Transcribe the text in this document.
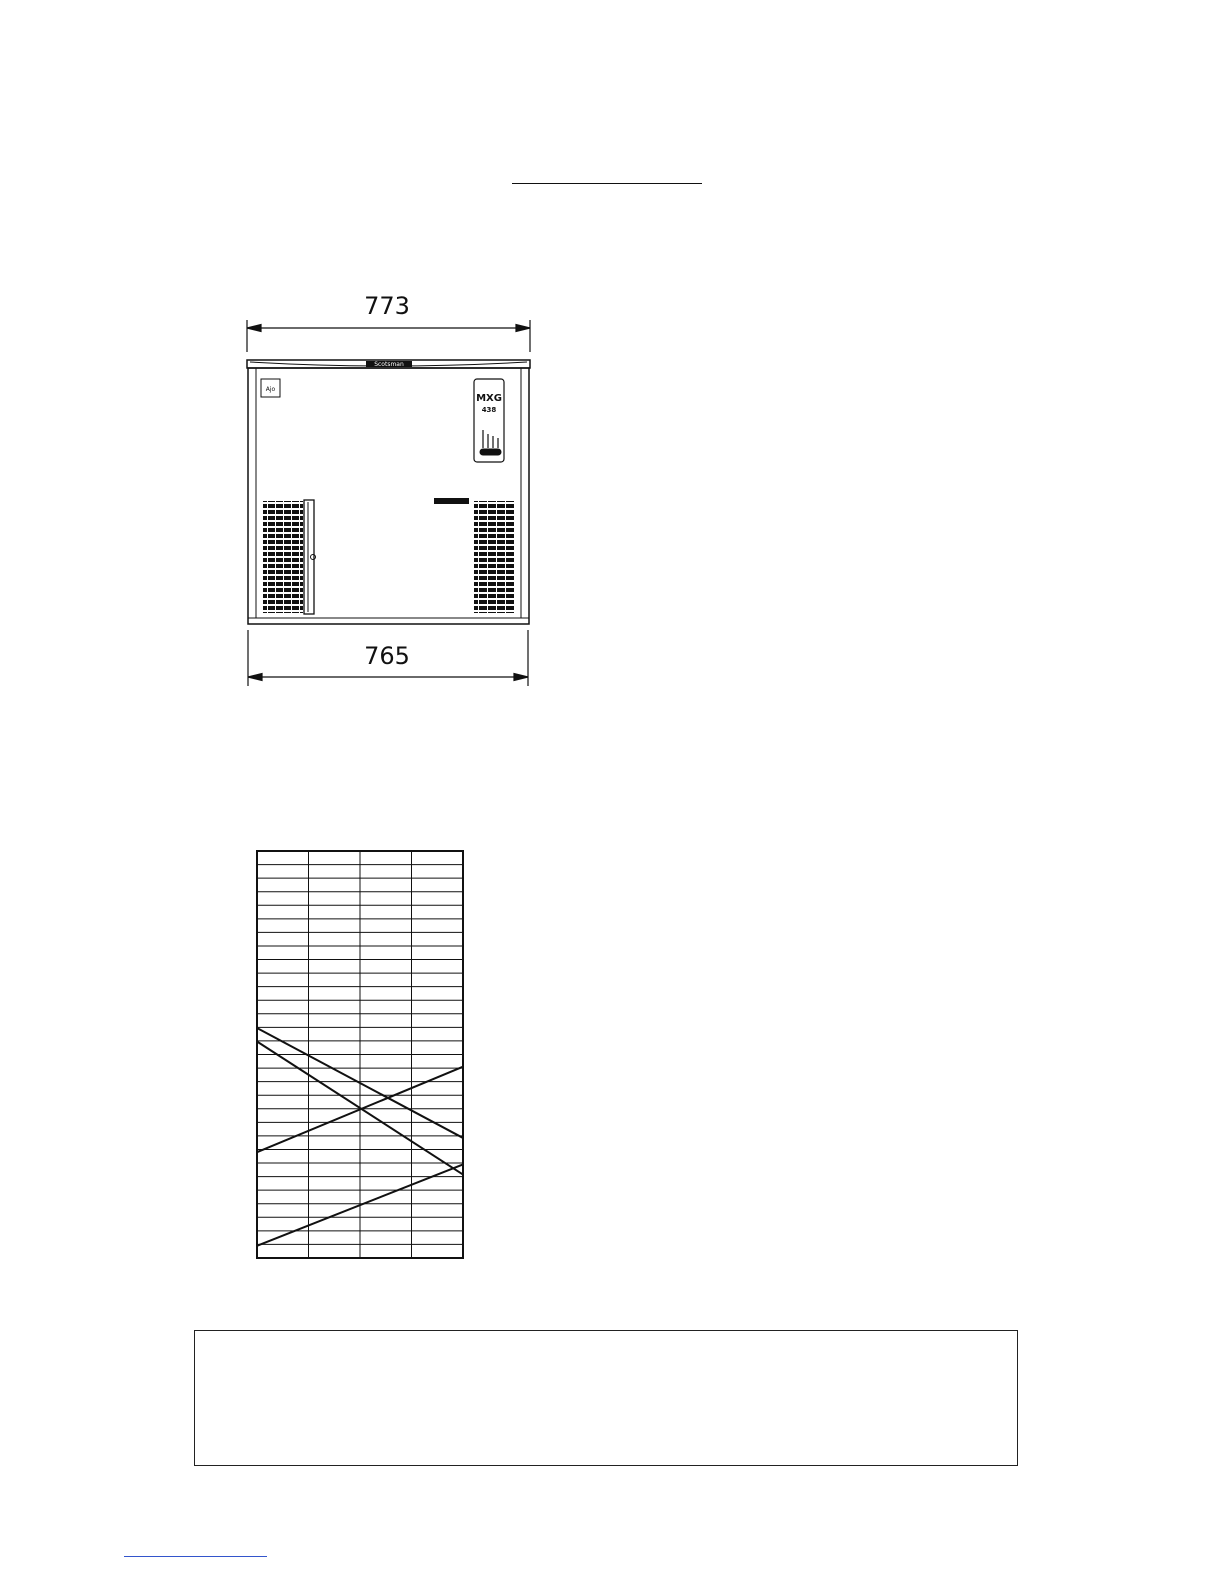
773
765
Scotsman
Ajo
MXG
438
